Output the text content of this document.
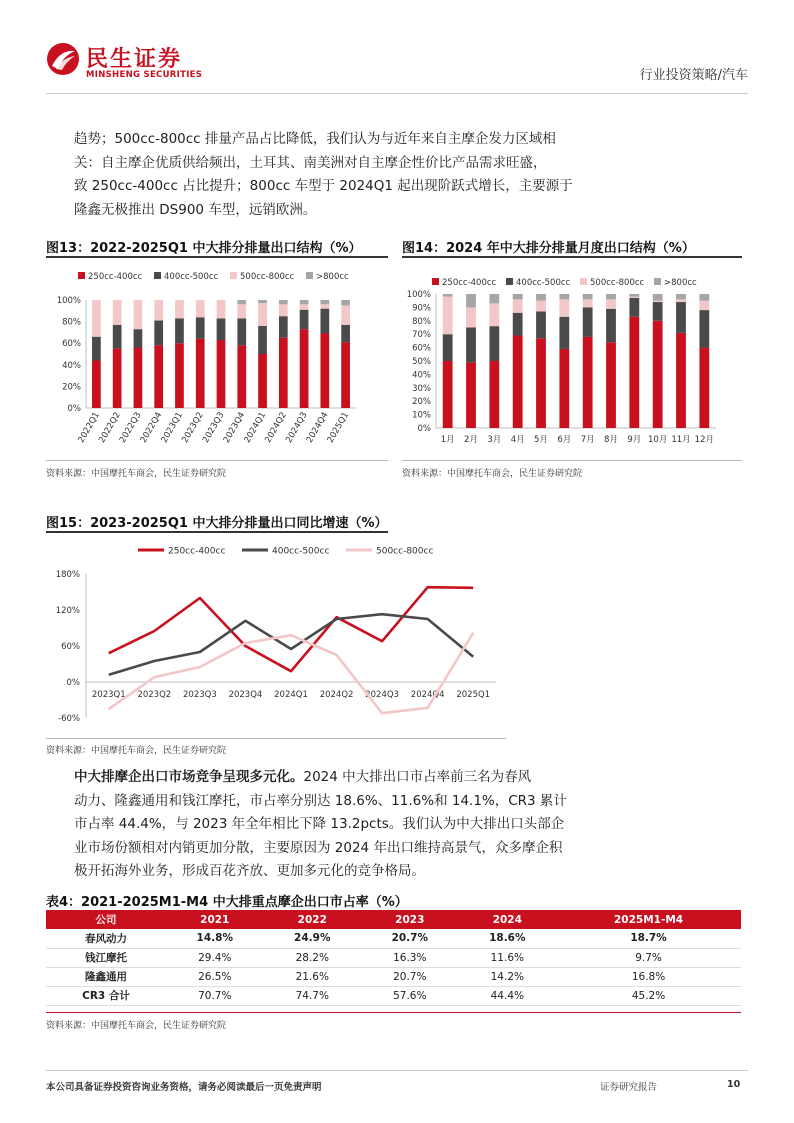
民生证券
MINSHENG SECURITIES	行业投资策略/汽车
趋势；500cc-800cc 排量产品占比降低，我们认为与近年来自主摩企发力区域相
关：自主摩企优质供给频出，土耳其、南美洲对自主摩企性价比产品需求旺盛，
致 250cc-400cc 占比提升；800cc 车型于 2024Q1 起出现阶跃式增长，主要源于
隆鑫无极推出 DS900 车型，远销欧洲。
图13：2022-2025Q1 中大排分排量出口结构（%）
250cc-400cc	400cc-500cc	500cc-800cc	>800cc
0%
20%
40%
60%
80%
100%
2022Q1
2022Q2
2022Q3
2022Q4
2023Q1
2023Q2
2023Q3
2023Q4
2024Q1
2024Q2
2024Q3
2024Q4
2025Q1
资料来源：中国摩托车商会，民生证券研究院
图14：2024 年中大排分排量月度出口结构（%）
250cc-400cc 400cc-500cc 500cc-800cc >800cc
0%
10%
20%
30%
40%
50%
60%
70%
80%
90%
100%
1月 2月 3月 4月 5月 6月 7月 8月 9月 10月 11月 12月
资料来源：中国摩托车商会，民生证券研究院
图15：2023-2025Q1 中大排分排量出口同比增速（%）
250cc-400cc	400cc-500cc	500cc-800cc
-60%
0%
60%
120%
180%
2023Q1 2023Q2 2023Q3 2023Q4 2024Q1 2024Q2 2024Q3 2024Q4 2025Q1
资料来源：中国摩托车商会，民生证券研究院
中大排摩企出口市场竞争呈现多元化。2024 中大排出口市占率前三名为春风
动力、隆鑫通用和钱江摩托，市占率分别达 18.6%、11.6%和 14.1%，CR3 累计
市占率 44.4%，与 2023 年全年相比下降 13.2pcts。我们认为中大排出口头部企
业市场份额相对内销更加分散，主要原因为 2024 年出口维持高景气，众多摩企积
极开拓海外业务，形成百花齐放、更加多元化的竞争格局。
表4：2021-2025M1-M4 中大排重点摩企出口市占率（%）
公司	2021	2022	2023	2024	2025M1-M4
春风动力	14.8%	24.9%	20.7%	18.6%	18.7%
钱江摩托	29.4%	28.2%	16.3%	11.6%	9.7%
隆鑫通用	26.5%	21.6%	20.7%	14.2%	16.8%
CR3 合计	70.7%	74.7%	57.6%	44.4%	45.2%
资料来源：中国摩托车商会，民生证券研究院
本公司具备证券投资咨询业务资格，请务必阅读最后一页免责声明	证券研究报告	10
